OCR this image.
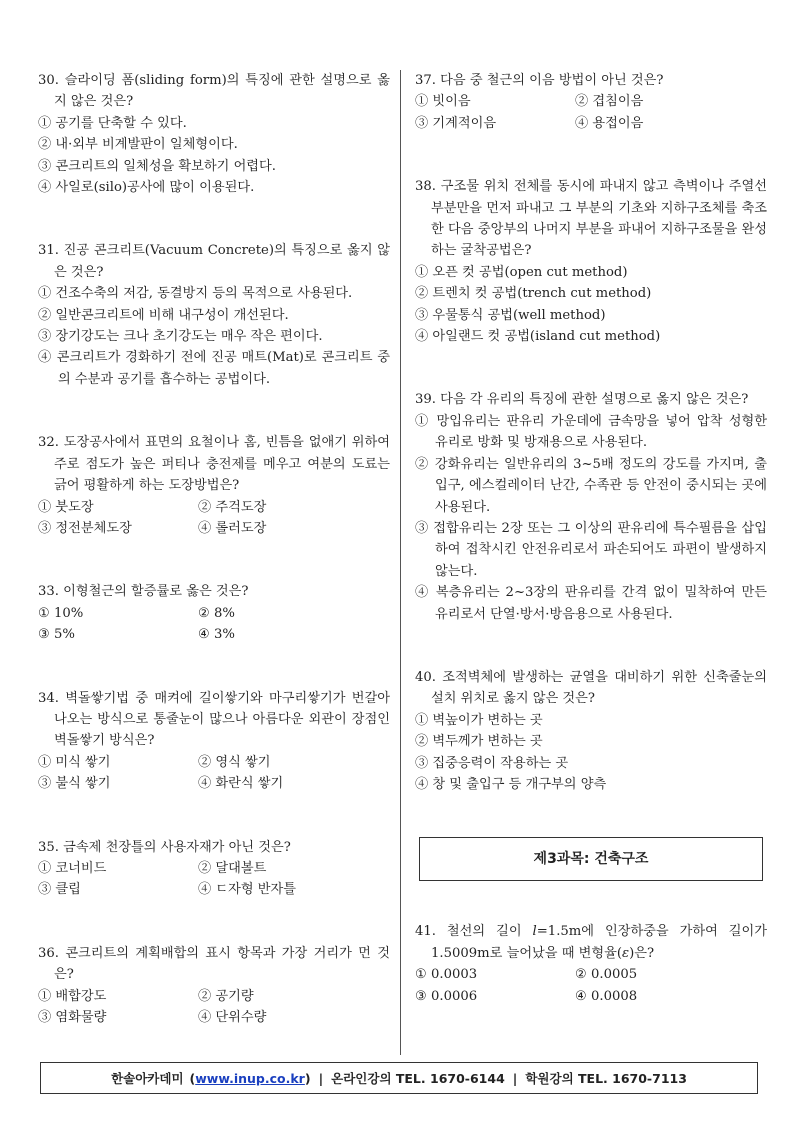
30. 슬라이딩 폼(sliding form)의 특징에 관한 설명으로 옳지 않은 것은?
① 공기를 단축할 수 있다.
② 내·외부 비계발판이 일체형이다.
③ 콘크리트의 일체성을 확보하기 어렵다.
④ 사일로(silo)공사에 많이 이용된다.
31. 진공 콘크리트(Vacuum Concrete)의 특징으로 옳지 않은 것은?
① 건조수축의 저감, 동결방지 등의 목적으로 사용된다.
② 일반콘크리트에 비해 내구성이 개선된다.
③ 장기강도는 크나 초기강도는 매우 작은 편이다.
④ 콘크리트가 경화하기 전에 진공 매트(Mat)로 콘크리트 중의 수분과 공기를 흡수하는 공법이다.
32. 도장공사에서 표면의 요철이나 홈, 빈틈을 없애기 위하여 주로 점도가 높은 퍼티나 충전제를 메우고 여분의 도료는 긁어 평활하게 하는 도장방법은?
① 붓도장	② 주걱도장
③ 정전분체도장	④ 롤러도장
33. 이형철근의 할증률로 옳은 것은?
① 10%	② 8%
③ 5%	④ 3%
34. 벽돌쌓기법 중 매켜에 길이쌓기와 마구리쌓기가 번갈아 나오는 방식으로 통줄눈이 많으나 아름다운 외관이 장점인 벽돌쌓기 방식은?
① 미식 쌓기	② 영식 쌓기
③ 불식 쌓기	④ 화란식 쌓기
35. 금속제 천장틀의 사용자재가 아닌 것은?
① 코너비드	② 달대볼트
③ 클립	④ ㄷ자형 반자틀
36. 콘크리트의 계획배합의 표시 항목과 가장 거리가 먼 것은?
① 배합강도	② 공기량
③ 염화물량	④ 단위수량
37. 다음 중 철근의 이음 방법이 아닌 것은?
① 빗이음	② 겹침이음
③ 기계적이음	④ 용접이음
38. 구조물 위치 전체를 동시에 파내지 않고 측벽이나 주열선 부분만을 먼저 파내고 그 부분의 기초와 지하구조체를 축조한 다음 중앙부의 나머지 부분을 파내어 지하구조물을 완성하는 굴착공법은?
① 오픈 컷 공법(open cut method)
② 트렌치 컷 공법(trench cut method)
③ 우물통식 공법(well method)
④ 아일랜드 컷 공법(island cut method)
39. 다음 각 유리의 특징에 관한 설명으로 옳지 않은 것은?
① 망입유리는 판유리 가운데에 금속망을 넣어 압착 성형한 유리로 방화 및 방재용으로 사용된다.
② 강화유리는 일반유리의 3~5배 정도의 강도를 가지며, 출입구, 에스컬레이터 난간, 수족관 등 안전이 중시되는 곳에 사용된다.
③ 접합유리는 2장 또는 그 이상의 판유리에 특수필름을 삽입하여 접착시킨 안전유리로서 파손되어도 파편이 발생하지 않는다.
④ 복층유리는 2~3장의 판유리를 간격 없이 밀착하여 만든 유리로서 단열·방서·방음용으로 사용된다.
40. 조적벽체에 발생하는 균열을 대비하기 위한 신축줄눈의 설치 위치로 옳지 않은 것은?
① 벽높이가 변하는 곳
② 벽두께가 변하는 곳
③ 집중응력이 작용하는 곳
④ 창 및 출입구 등 개구부의 양측
제3과목: 건축구조
41. 철선의 길이 l=1.5m에 인장하중을 가하여 길이가 1.5009m로 늘어났을 때 변형율(ε)은?
① 0.0003	② 0.0005
③ 0.0006	④ 0.0008
한솔아카데미 ( www.inup.co.kr ) | 온라인강의 TEL. 1670-6144 | 학원강의 TEL. 1670-7113
